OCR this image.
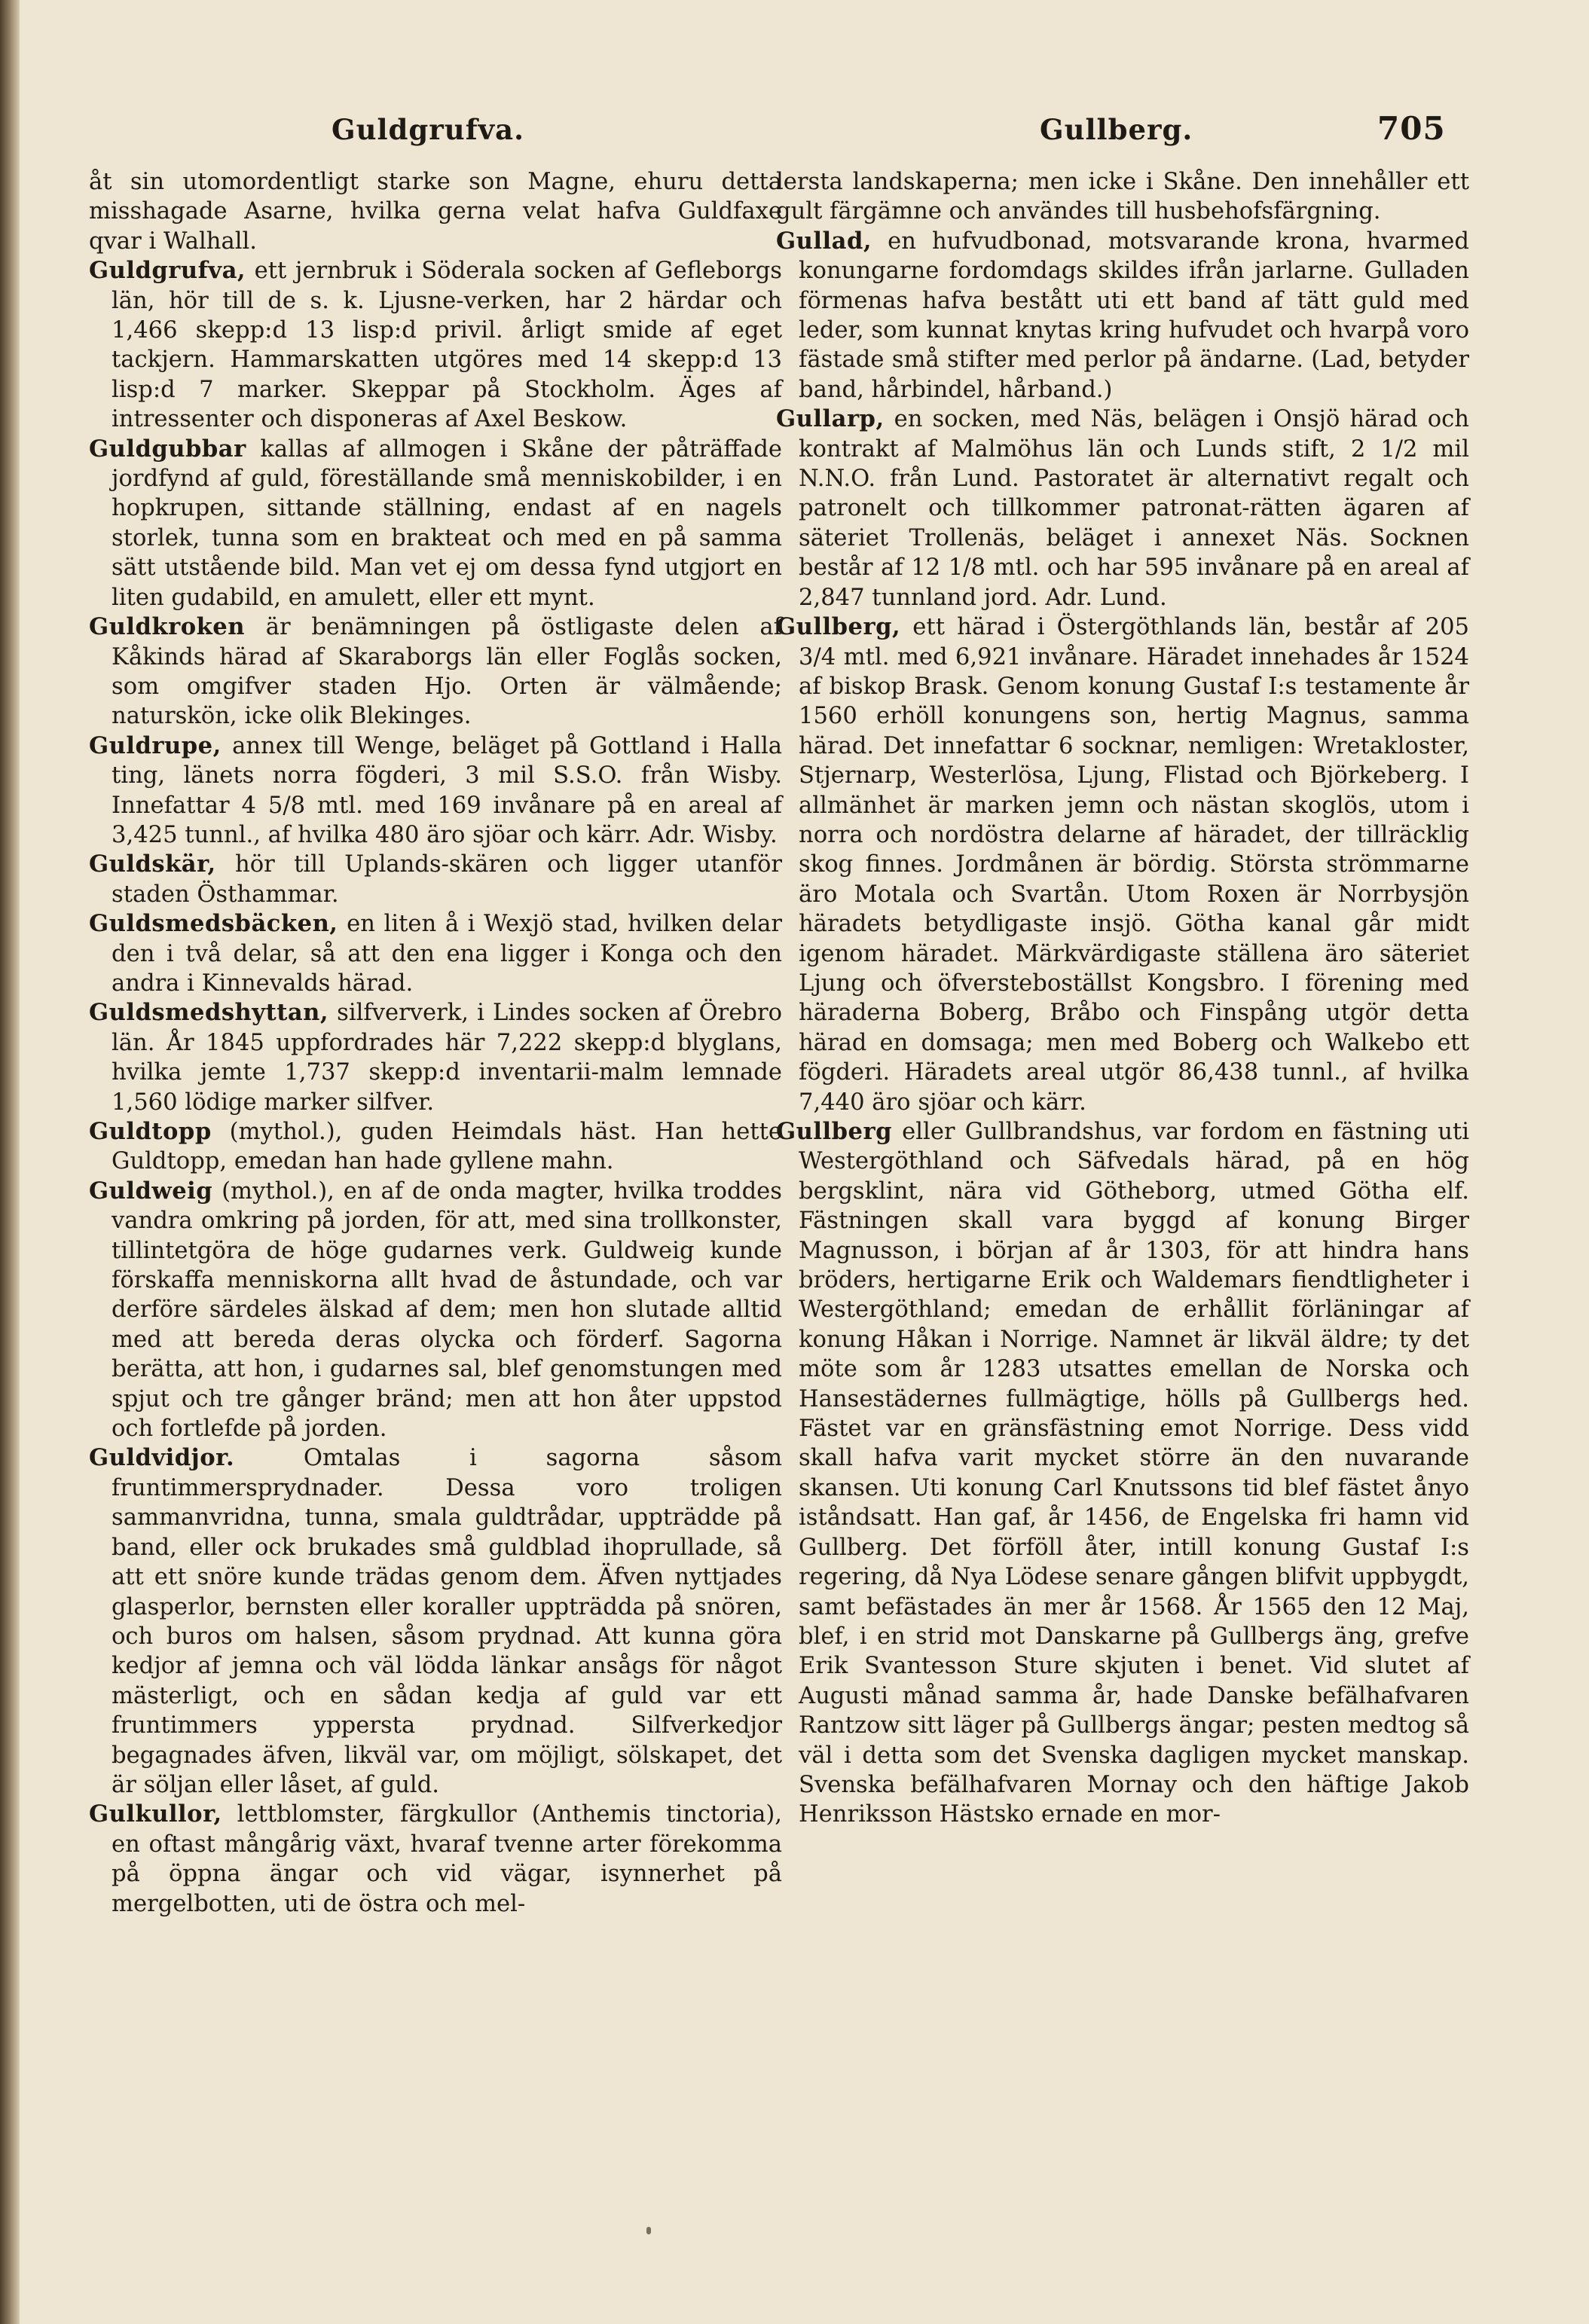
Guldgrufva.	Gullberg.	705

åt sin utomordentligt starke son Magne, ehuru detta misshagade Asarne, hvilka gerna velat hafva Guldfaxe qvar i Walhall.

Guldgrufva, ett jernbruk i Söderala socken af Gefleborgs län, hör till de s. k. Ljusne-verken, har 2 härdar och 1,466 skepp:d 13 lisp:d privil. årligt smide af eget tackjern. Hammarskatten utgöres med 14 skepp:d 13 lisp:d 7 marker. Skeppar på Stockholm. Äges af intressenter och disponeras af Axel Beskow.

Guldgubbar kallas af allmogen i Skåne der påträffade jordfynd af guld, föreställande små menniskobilder, i en hopkrupen, sittande ställning, endast af en nagels storlek, tunna som en brakteat och med en på samma sätt utstående bild. Man vet ej om dessa fynd utgjort en liten gudabild, en amulett, eller ett mynt.

Guldkroken är benämningen på östligaste delen af Kåkinds härad af Skaraborgs län eller Foglås socken, som omgifver staden Hjo. Orten är välmående; naturskön, icke olik Blekinges.

Guldrupe, annex till Wenge, beläget på Gottland i Halla ting, länets norra fögderi, 3 mil S.S.O. från Wisby. Innefattar 4 5/8 mtl. med 169 invånare på en areal af 3,425 tunnl., af hvilka 480 äro sjöar och kärr. Adr. Wisby.

Guldskär, hör till Uplands-skären och ligger utanför staden Östhammar.

Guldsmedsbäcken, en liten å i Wexjö stad, hvilken delar den i två delar, så att den ena ligger i Konga och den andra i Kinnevalds härad.

Guldsmedshyttan, silfververk, i Lindes socken af Örebro län. År 1845 uppfordrades här 7,222 skepp:d blyglans, hvilka jemte 1,737 skepp:d inventarii-malm lemnade 1,560 lödige marker silfver.

Guldtopp (mythol.), guden Heimdals häst. Han hette Guldtopp, emedan han hade gyllene mahn.

Guldweig (mythol.), en af de onda magter, hvilka troddes vandra omkring på jorden, för att, med sina trollkonster, tillintetgöra de höge gudarnes verk. Guldweig kunde förskaffa menniskorna allt hvad de åstundade, och var derföre särdeles älskad af dem; men hon slutade alltid med att bereda deras olycka och förderf. Sagorna berätta, att hon, i gudarnes sal, blef genomstungen med spjut och tre gånger bränd; men att hon åter uppstod och fortlefde på jorden.

Guldvidjor. Omtalas i sagorna såsom fruntimmersprydnader. Dessa voro troligen sammanvridna, tunna, smala guldtrådar, uppträdde på band, eller ock brukades små guldblad ihoprullade, så att ett snöre kunde trädas genom dem. Äfven nyttjades glasperlor, bernsten eller koraller uppträdda på snören, och buros om halsen, såsom prydnad. Att kunna göra kedjor af jemna och väl lödda länkar ansågs för något mästerligt, och en sådan kedja af guld var ett fruntimmers yppersta prydnad. Silfverkedjor begagnades äfven, likväl var, om möjligt, sölskapet, det är söljan eller låset, af guld.

Gulkullor, lettblomster, färgkullor (Anthemis tinctoria), en oftast mångårig växt, hvaraf tvenne arter förekomma på öppna ängar och vid vägar, isynnerhet på mergelbotten, uti de östra och mel-

lersta landskaperna; men icke i Skåne. Den innehåller ett gult färgämne och användes till husbehofsfärgning.

Gullad, en hufvudbonad, motsvarande krona, hvarmed konungarne fordomdags skildes ifrån jarlarne. Gulladen förmenas hafva bestått uti ett band af tätt guld med leder, som kunnat knytas kring hufvudet och hvarpå voro fästade små stifter med perlor på ändarne. (Lad, betyder band, hårbindel, hårband.)

Gullarp, en socken, med Näs, belägen i Onsjö härad och kontrakt af Malmöhus län och Lunds stift, 2 1/2 mil N.N.O. från Lund. Pastoratet är alternativt regalt och patronelt och tillkommer patronat-rätten ägaren af säteriet Trollenäs, beläget i annexet Näs. Socknen består af 12 1/8 mtl. och har 595 invånare på en areal af 2,847 tunnland jord. Adr. Lund.

Gullberg, ett härad i Östergöthlands län, består af 205 3/4 mtl. med 6,921 invånare. Häradet innehades år 1524 af biskop Brask. Genom konung Gustaf I:s testamente år 1560 erhöll konungens son, hertig Magnus, samma härad. Det innefattar 6 socknar, nemligen: Wretakloster, Stjernarp, Westerlösa, Ljung, Flistad och Björkeberg. I allmänhet är marken jemn och nästan skoglös, utom i norra och nordöstra delarne af häradet, der tillräcklig skog finnes. Jordmånen är bördig. Största strömmarne äro Motala och Svartån. Utom Roxen är Norrbysjön häradets betydligaste insjö. Götha kanal går midt igenom häradet. Märkvärdigaste ställena äro säteriet Ljung och öfversteboställst Kongsbro. I förening med häraderna Boberg, Bråbo och Finspång utgör detta härad en domsaga; men med Boberg och Walkebo ett fögderi. Häradets areal utgör 86,438 tunnl., af hvilka 7,440 äro sjöar och kärr.

Gullberg eller Gullbrandshus, var fordom en fästning uti Westergöthland och Säfvedals härad, på en hög bergsklint, nära vid Götheborg, utmed Götha elf. Fästningen skall vara byggd af konung Birger Magnusson, i början af år 1303, för att hindra hans bröders, hertigarne Erik och Waldemars fiendtligheter i Westergöthland; emedan de erhållit förläningar af konung Håkan i Norrige. Namnet är likväl äldre; ty det möte som år 1283 utsattes emellan de Norska och Hansestädernes fullmägtige, hölls på Gullbergs hed. Fästet var en gränsfästning emot Norrige. Dess vidd skall hafva varit mycket större än den nuvarande skansen. Uti konung Carl Knutssons tid blef fästet ånyo iståndsatt. Han gaf, år 1456, de Engelska fri hamn vid Gullberg. Det förföll åter, intill konung Gustaf I:s regering, då Nya Lödese senare gången blifvit uppbygdt, samt befästades än mer år 1568. År 1565 den 12 Maj, blef, i en strid mot Danskarne på Gullbergs äng, grefve Erik Svantesson Sture skjuten i benet. Vid slutet af Augusti månad samma år, hade Danske befälhafvaren Rantzow sitt läger på Gullbergs ängar; pesten medtog så väl i detta som det Svenska dagligen mycket manskap. Svenska befälhafvaren Mornay och den häftige Jakob Henriksson Hästsko ernade en mor-
